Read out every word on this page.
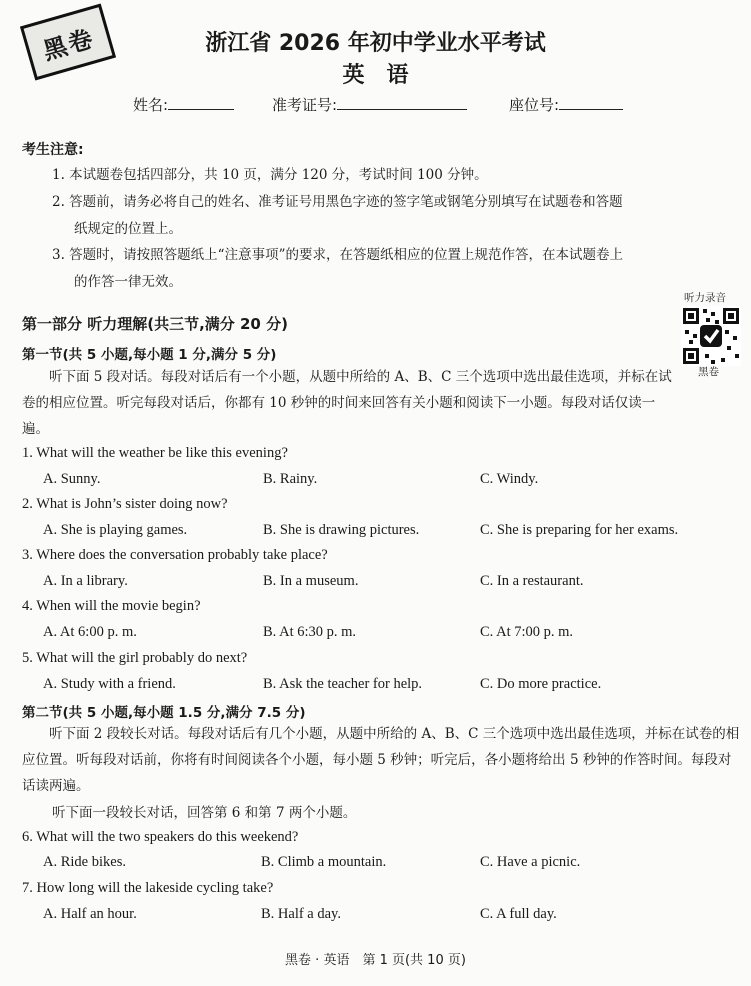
黑卷	浙江省 2026 年初中学业水平考试
英　语
姓名:	准考证号:	座位号:
考生注意:
1. 本试题卷包括四部分，共 10 页，满分 120 分，考试时间 100 分钟。
2. 答题前，请务必将自己的姓名、准考证号用黑色字迹的签字笔或钢笔分别填写在试题卷和答题
纸规定的位置上。
3. 答题时，请按照答题纸上“注意事项”的要求，在答题纸相应的位置上规范作答，在本试题卷上
的作答一律无效。
第一部分 听力理解(共三节,满分 20 分)
听力录音
黑卷
第一节(共 5 小题,每小题 1 分,满分 5 分)
听下面 5 段对话。每段对话后有一个小题，从题中所给的 A、B、C 三个选项中选出最佳选项，并标在试卷的相应位置。听完每段对话后，你都有 10 秒钟的时间来回答有关小题和阅读下一小题。每段对话仅读一遍。
1. What will the weather be like this evening?
A. Sunny.	B. Rainy.	C. Windy.
2. What is John’s sister doing now?
A. She is playing games.	B. She is drawing pictures.	C. She is preparing for her exams.
3. Where does the conversation probably take place?
A. In a library.	B. In a museum.	C. In a restaurant.
4. When will the movie begin?
A. At 6:00 p. m.	B. At 6:30 p. m.	C. At 7:00 p. m.
5. What will the girl probably do next?
A. Study with a friend.	B. Ask the teacher for help.	C. Do more practice.
第二节(共 5 小题,每小题 1.5 分,满分 7.5 分)
听下面 2 段较长对话。每段对话后有几个小题，从题中所给的 A、B、C 三个选项中选出最佳选项，并标在试卷的相应位置。听每段对话前，你将有时间阅读各个小题，每小题 5 秒钟；听完后，各小题将给出 5 秒钟的作答时间。每段对话读两遍。
听下面一段较长对话，回答第 6 和第 7 两个小题。
6. What will the two speakers do this weekend?
A. Ride bikes.	B. Climb a mountain.	C. Have a picnic.
7. How long will the lakeside cycling take?
A. Half an hour.	B. Half a day.	C. A full day.
黑卷 · 英语　第 1 页(共 10 页)
